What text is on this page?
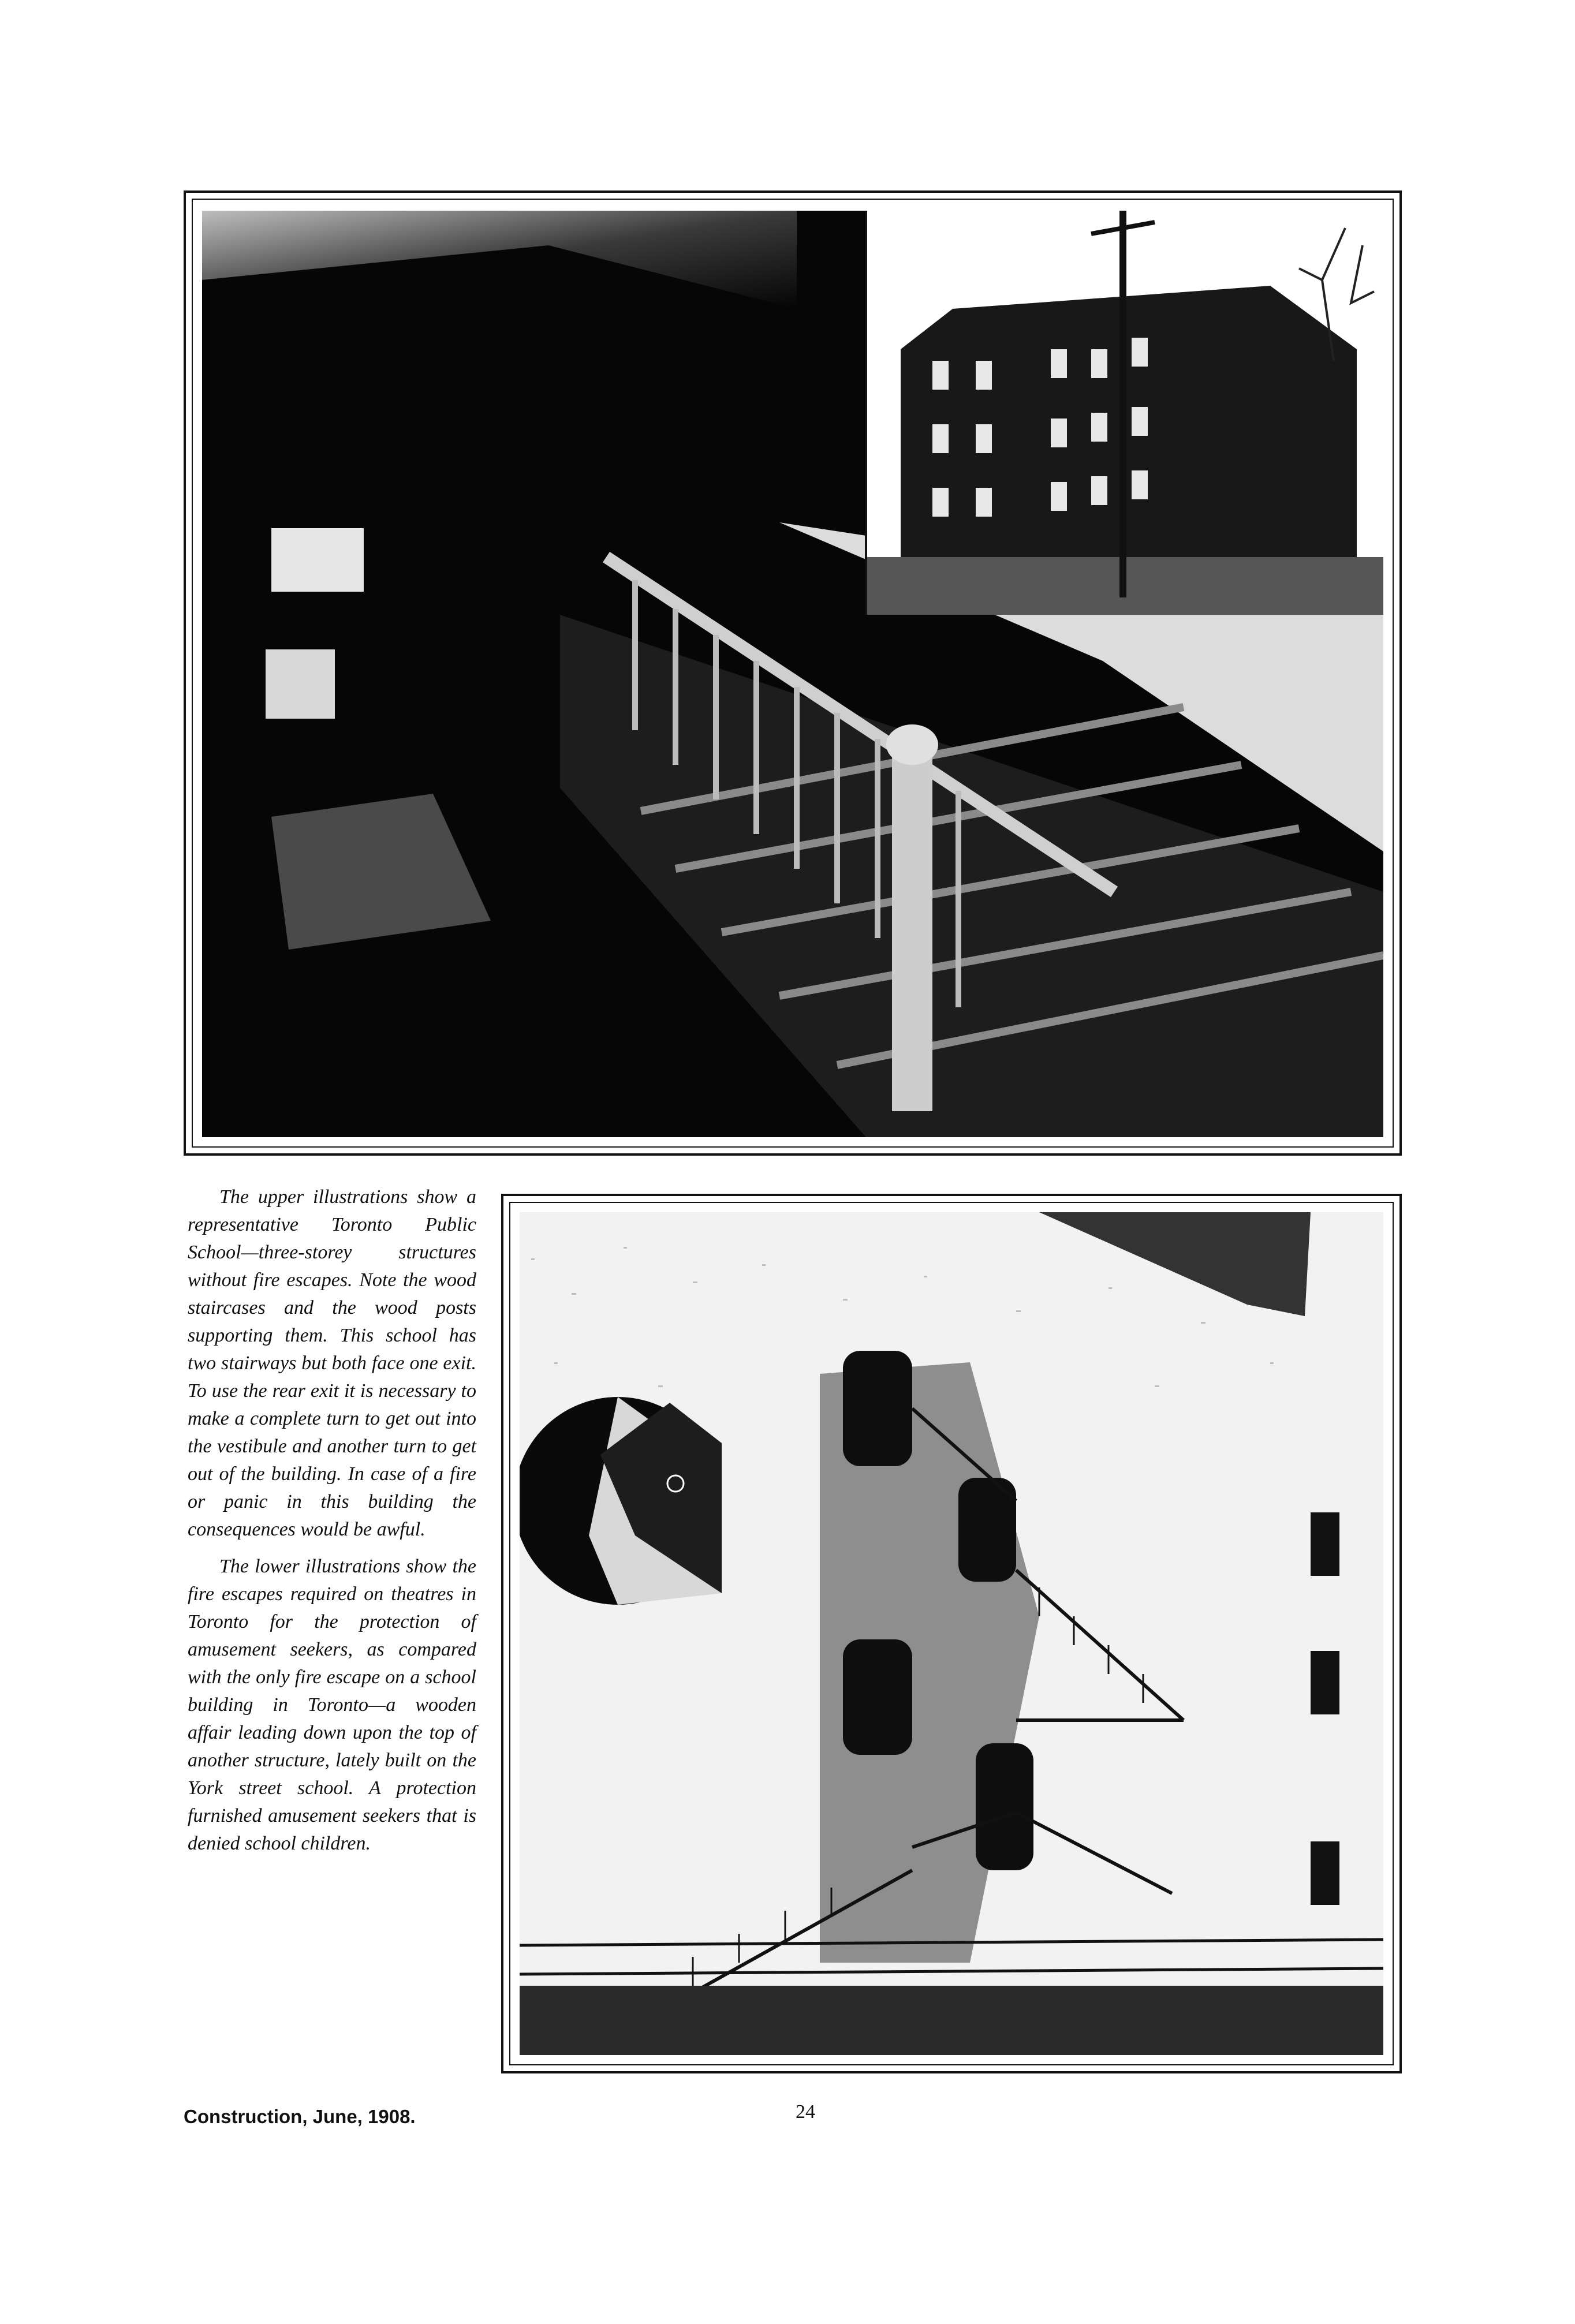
The upper illustrations show a representative Toronto Public School—three-storey structures without fire escapes. Note the wood staircases and the wood posts supporting them. This school has two stairways but both face one exit. To use the rear exit it is necessary to make a complete turn to get out into the vestibule and another turn to get out of the building. In case of a fire or panic in this building the consequences would be awful.

The lower illustrations show the fire escapes required on theatres in Toronto for the protection of amusement seekers, as compared with the only fire escape on a school building in Toronto—a wooden affair leading down upon the top of another structure, lately built on the York street school. A protection furnished amusement seekers that is denied school children.

Construction, June, 1908.	24
